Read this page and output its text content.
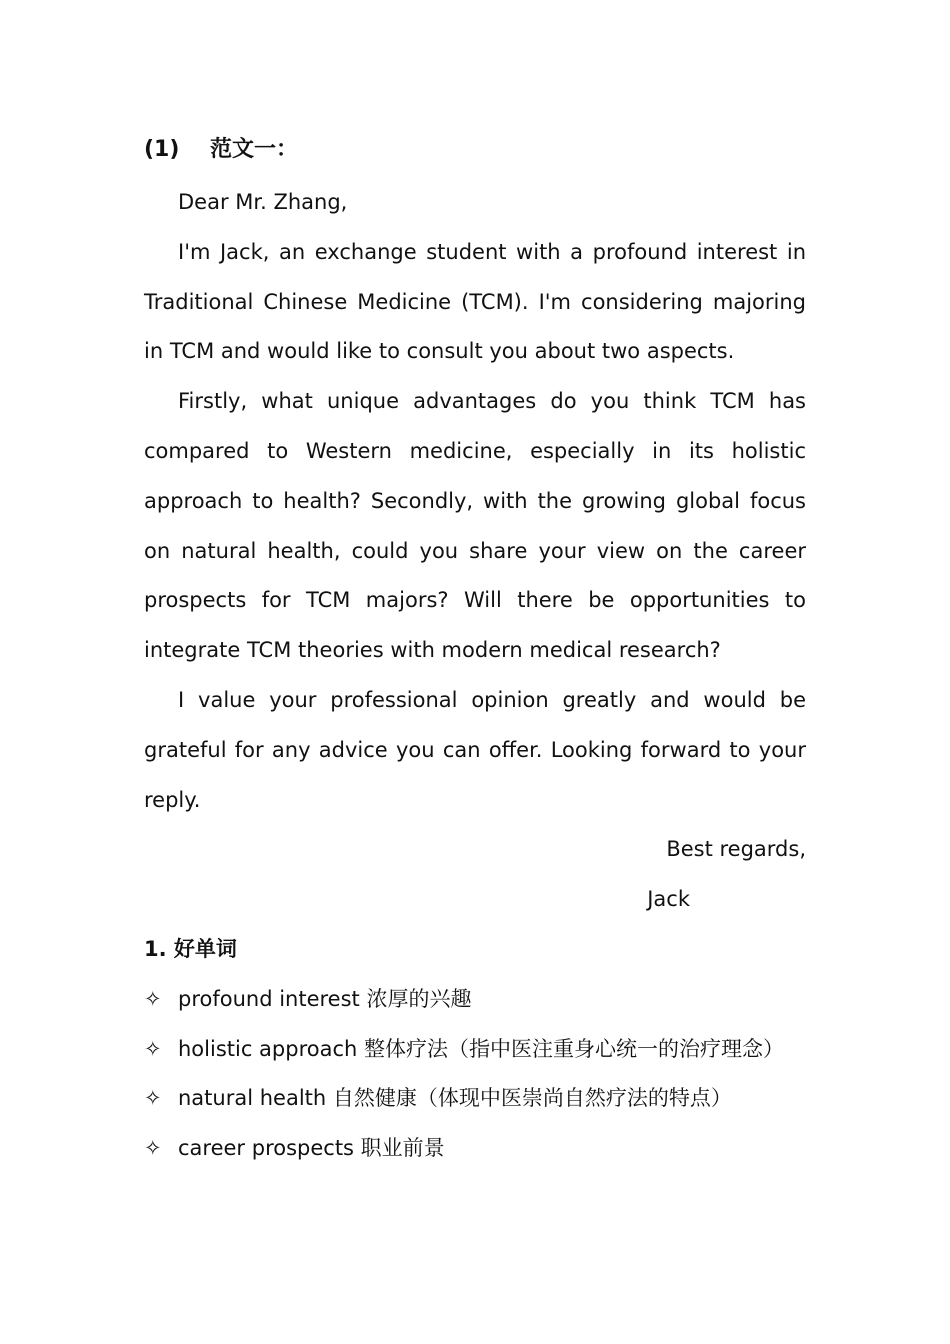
(1) 范文一：

Dear Mr. Zhang,

I'm Jack, an exchange student with a profound interest in Traditional Chinese Medicine (TCM). I'm considering majoring in TCM and would like to consult you about two aspects.

Firstly, what unique advantages do you think TCM has compared to Western medicine, especially in its holistic approach to health? Secondly, with the growing global focus on natural health, could you share your view on the career prospects for TCM majors? Will there be opportunities to integrate TCM theories with modern medical research?

I value your professional opinion greatly and would be grateful for any advice you can offer. Looking forward to your reply.

Best regards,

Jack

1. 好单词

✧ profound interest 浓厚的兴趣
✧ holistic approach 整体疗法（指中医注重身心统一的治疗理念）
✧ natural health 自然健康（体现中医崇尚自然疗法的特点）
✧ career prospects 职业前景
